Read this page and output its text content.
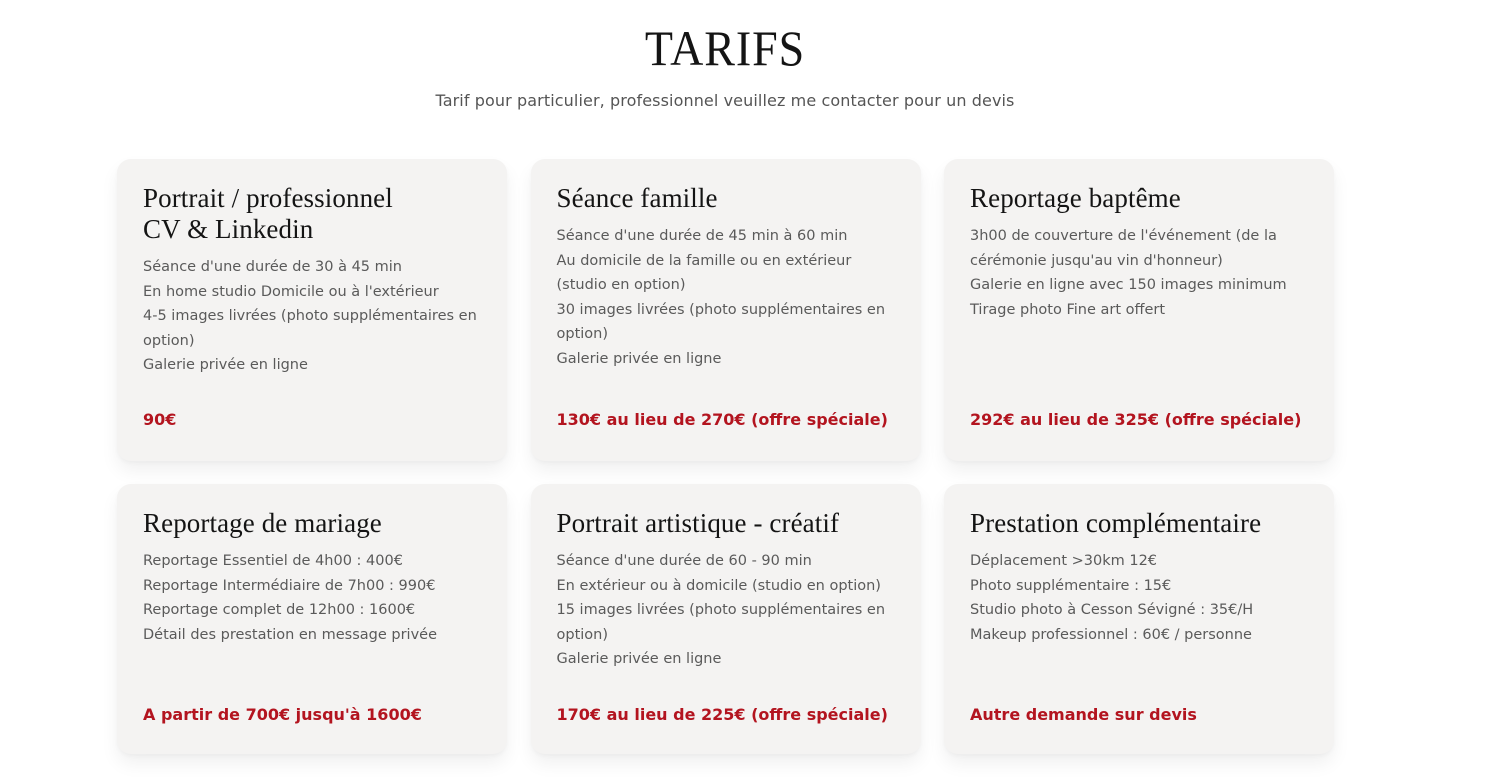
TARIFS

Tarif pour particulier, professionnel veuillez me contacter pour un devis

Portrait / professionnel
CV & Linkedin
Séance d'une durée de 30 à 45 min
En home studio Domicile ou à l'extérieur
4-5 images livrées (photo supplémentaires en option)
Galerie privée en ligne
90€
Séance famille
Séance d'une durée de 45 min à 60 min
Au domicile de la famille ou en extérieur (studio en option)
30 images livrées (photo supplémentaires en option)
Galerie privée en ligne
130€ au lieu de 270€ (offre spéciale)
Reportage baptême
3h00 de couverture de l'événement (de la cérémonie jusqu'au vin d'honneur)
Galerie en ligne avec 150 images minimum
Tirage photo Fine art offert
292€ au lieu de 325€ (offre spéciale)
Reportage de mariage
Reportage Essentiel de 4h00 : 400€
Reportage Intermédiaire de 7h00 : 990€
Reportage complet de 12h00 : 1600€
Détail des prestation en message privée
A partir de 700€ jusqu'à 1600€
Portrait artistique - créatif
Séance d'une durée de 60 - 90 min
En extérieur ou à domicile (studio en option)
15 images livrées (photo supplémentaires en option)
Galerie privée en ligne
170€ au lieu de 225€ (offre spéciale)
Prestation complémentaire
Déplacement >30km 12€
Photo supplémentaire : 15€
Studio photo à Cesson Sévigné : 35€/H
Makeup professionnel : 60€ / personne
Autre demande sur devis
